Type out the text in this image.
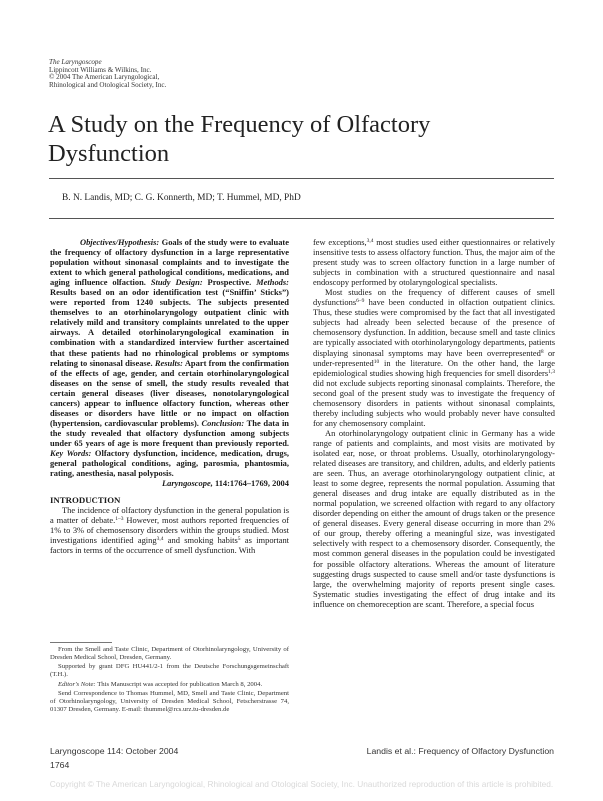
The Laryngoscope
Lippincott Williams & Wilkins, Inc.
© 2004 The American Laryngological,
Rhinological and Otological Society, Inc.
A Study on the Frequency of Olfactory
Dysfunction
B. N. Landis, MD; C. G. Konnerth, MD; T. Hummel, MD, PhD

Objectives/Hypothesis: Goals of the study were to evaluate the frequency of olfactory dysfunction in a large representative population without sinonasal complaints and to investigate the extent to which general pathological conditions, medications, and aging influence olfaction. Study Design: Prospective. Methods: Results based on an odor identification test (“Sniffin’ Sticks”) were reported from 1240 subjects. The subjects presented themselves to an otorhinolaryngology outpatient clinic with relatively mild and transitory complaints unrelated to the upper airways. A detailed otorhinolaryngological examination in combination with a standardized interview further ascertained that these patients had no rhinological problems or symptoms relating to sinonasal disease. Results: Apart from the confirmation of the effects of age, gender, and certain otorhinolaryngological diseases on the sense of smell, the study results revealed that certain general diseases (liver diseases, nonotolaryngological cancers) appear to influence olfactory function, whereas other diseases or disorders have little or no impact on olfaction (hypertension, cardiovascular problems). Conclusion: The data in the study revealed that olfactory dysfunction among subjects under 65 years of age is more frequent than previously reported. Key Words: Olfactory dysfunction, incidence, medication, drugs, general pathological conditions, aging, parosmia, phantosmia, rating, anesthesia, nasal polyposis.

Laryngoscope, 114:1764–1769, 2004

INTRODUCTION

The incidence of olfactory dysfunction in the general population is a matter of debate.$^{1-3}$ However, most authors reported frequencies of 1% to 3% of chemosensory disorders within the groups studied. Most investigations identified aging$^{3,4}$ and smoking habits$^5$ as important factors in terms of the occurrence of smell dysfunction. With

From the Smell and Taste Clinic, Department of Otorhinolaryngology, University of Dresden Medical School, Dresden, Germany.

Supported by grant DFG HU441/2-1 from the Deutsche Forschungsgemeinschaft (T.H.).

Editor's Note: This Manuscript was accepted for publication March 8, 2004.

Send Correspondence to Thomas Hummel, MD, Smell and Taste Clinic, Department of Otorhinolaryngology, University of Dresden Medical School, Fetscherstrasse 74, 01307 Dresden, Germany. E-mail: thummel@rcs.urz.tu-dresden.de

few exceptions,$^{3,4}$ most studies used either questionnaires or relatively insensitive tests to assess olfactory function. Thus, the major aim of the present study was to screen olfactory function in a large number of subjects in combination with a structured questionnaire and nasal endoscopy performed by otolaryngological specialists.

Most studies on the frequency of different causes of smell dysfunctions$^{6-9}$ have been conducted in olfaction outpatient clinics. Thus, these studies were compromised by the fact that all investigated subjects had already been selected because of the presence of chemosensory dysfunction. In addition, because smell and taste clinics are typically associated with otorhinolaryngology departments, patients displaying sinonasal symptoms may have been overrepresented$^8$ or under-represented$^{10}$ in the literature. On the other hand, the large epidemiological studies showing high frequencies for smell disorders$^{1,3}$ did not exclude subjects reporting sinonasal complaints. Therefore, the second goal of the present study was to investigate the frequency of chemosensory disorders in patients without sinonasal complaints, thereby including subjects who would probably never have consulted for any chemosensory complaint.

An otorhinolaryngology outpatient clinic in Germany has a wide range of patients and complaints, and most visits are motivated by isolated ear, nose, or throat problems. Usually, otorhinolaryngology-related diseases are transitory, and children, adults, and elderly patients are seen. Thus, an average otorhinolaryngology outpatient clinic, at least to some degree, represents the normal population. Assuming that general diseases and drug intake are equally distributed as in the normal population, we screened olfaction with regard to any olfactory disorder depending on either the amount of drugs taken or the presence of general diseases. Every general disease occurring in more than 2% of our group, thereby offering a meaningful size, was investigated selectively with respect to a chemosensory disorder. Consequently, the most common general diseases in the population could be investigated for possible olfactory alterations. Whereas the amount of literature suggesting drugs suspected to cause smell and/or taste dysfunctions is large, the overwhelming majority of reports present single cases. Systematic studies investigating the effect of drug intake and its influence on chemoreception are scant. Therefore, a special focus

Laryngoscope 114: October 2004
1764
Landis et al.: Frequency of Olfactory Dysfunction
Copyright © The American Laryngological, Rhinological and Otological Society, Inc. Unauthorized reproduction of this article is prohibited.
